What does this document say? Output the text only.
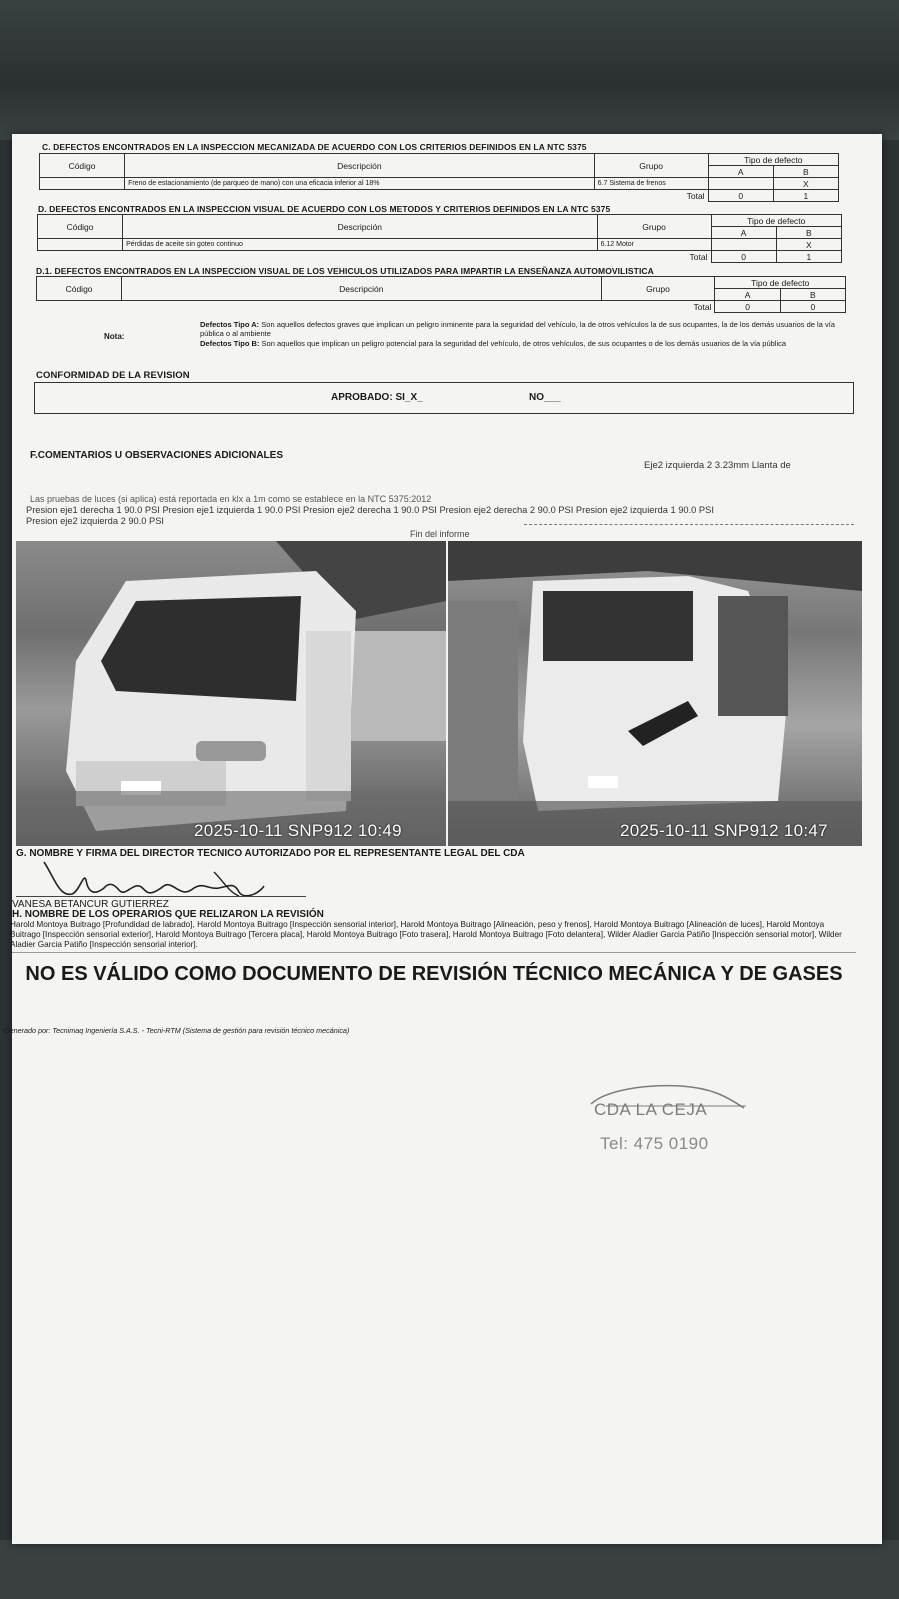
C. DEFECTOS ENCONTRADOS EN LA INSPECCION MECANIZADA DE ACUERDO CON LOS CRITERIOS DEFINIDOS EN LA NTC 5375
Código	Descripción	Grupo	Tipo de defecto	
			A	B
	Freno de estacionamiento (de parqueo de mano) con una eficacia inferior al 18%	6.7 Sistema de frenos		X
Total			0	1
D. DEFECTOS ENCONTRADOS EN LA INSPECCION VISUAL DE ACUERDO CON LOS METODOS Y CRITERIOS DEFINIDOS EN LA NTC 5375
Código	Descripción	Grupo	Tipo de defecto	
			A	B
	Pérdidas de aceite sin goteo continuo	6.12 Motor		X
Total			0	1
D.1. DEFECTOS ENCONTRADOS EN LA INSPECCION VISUAL DE LOS VEHICULOS UTILIZADOS PARA IMPARTIR LA ENSEÑANZA AUTOMOVILISTICA
Código	Descripción	Grupo	Tipo de defecto	
			A	B
Total			0	0
Nota:
Defectos Tipo A: Son aquellos defectos graves que implican un peligro inminente para la seguridad del vehículo, la de otros vehículos la de sus ocupantes, la de los demás usuarios de la vía pública o al ambiente
Defectos Tipo B: Son aquellos que implican un peligro potencial para la seguridad del vehículo, de otros vehículos, de sus ocupantes o de los demás usuarios de la vía pública
CONFORMIDAD DE LA REVISION
APROBADO: SI_X_	NO___
F.COMENTARIOS U OBSERVACIONES ADICIONALES
Eje2 izquierda 2 3.23mm Llanta de
Las pruebas de luces (si aplica) está reportada en klx a 1m como se establece en la NTC 5375:2012
Presion eje1 derecha 1 90.0 PSI Presion eje1 izquierda 1 90.0 PSI Presion eje2 derecha 1 90.0 PSI Presion eje2 derecha 2 90.0 PSI Presion eje2 izquierda 1 90.0 PSI
Presion eje2 izquierda 2 90.0 PSI
Fin del informe
2025-10-11 SNP912 10:49	2025-10-11 SNP912 10:47
G. NOMBRE Y FIRMA DEL DIRECTOR TECNICO AUTORIZADO POR EL REPRESENTANTE LEGAL DEL CDA
VANESA BETANCUR GUTIERREZ
H. NOMBRE DE LOS OPERARIOS QUE RELIZARON LA REVISIÓN
Harold Montoya Buitrago [Profundidad de labrado], Harold Montoya Buitrago [Inspección sensorial interior], Harold Montoya Buitrago [Alineación, peso y frenos], Harold Montoya Buitrago [Alineación de luces], Harold Montoya Buitrago [Inspección sensorial exterior], Harold Montoya Buitrago [Tercera placa], Harold Montoya Buitrago [Foto trasera], Harold Montoya Buitrago [Foto delantera], Wilder Aladier Garcia Patiño [Inspección sensorial motor], Wilder Aladier Garcia Patiño [Inspección sensorial interior].
NO ES VÁLIDO COMO DOCUMENTO DE REVISIÓN TÉCNICO MECÁNICA Y DE GASES
Generado por: Tecnimaq Ingeniería S.A.S. - Tecni-RTM (Sistema de gestión para revisión técnico mecánica)
CDA LA CEJA
Tel: 475 0190
